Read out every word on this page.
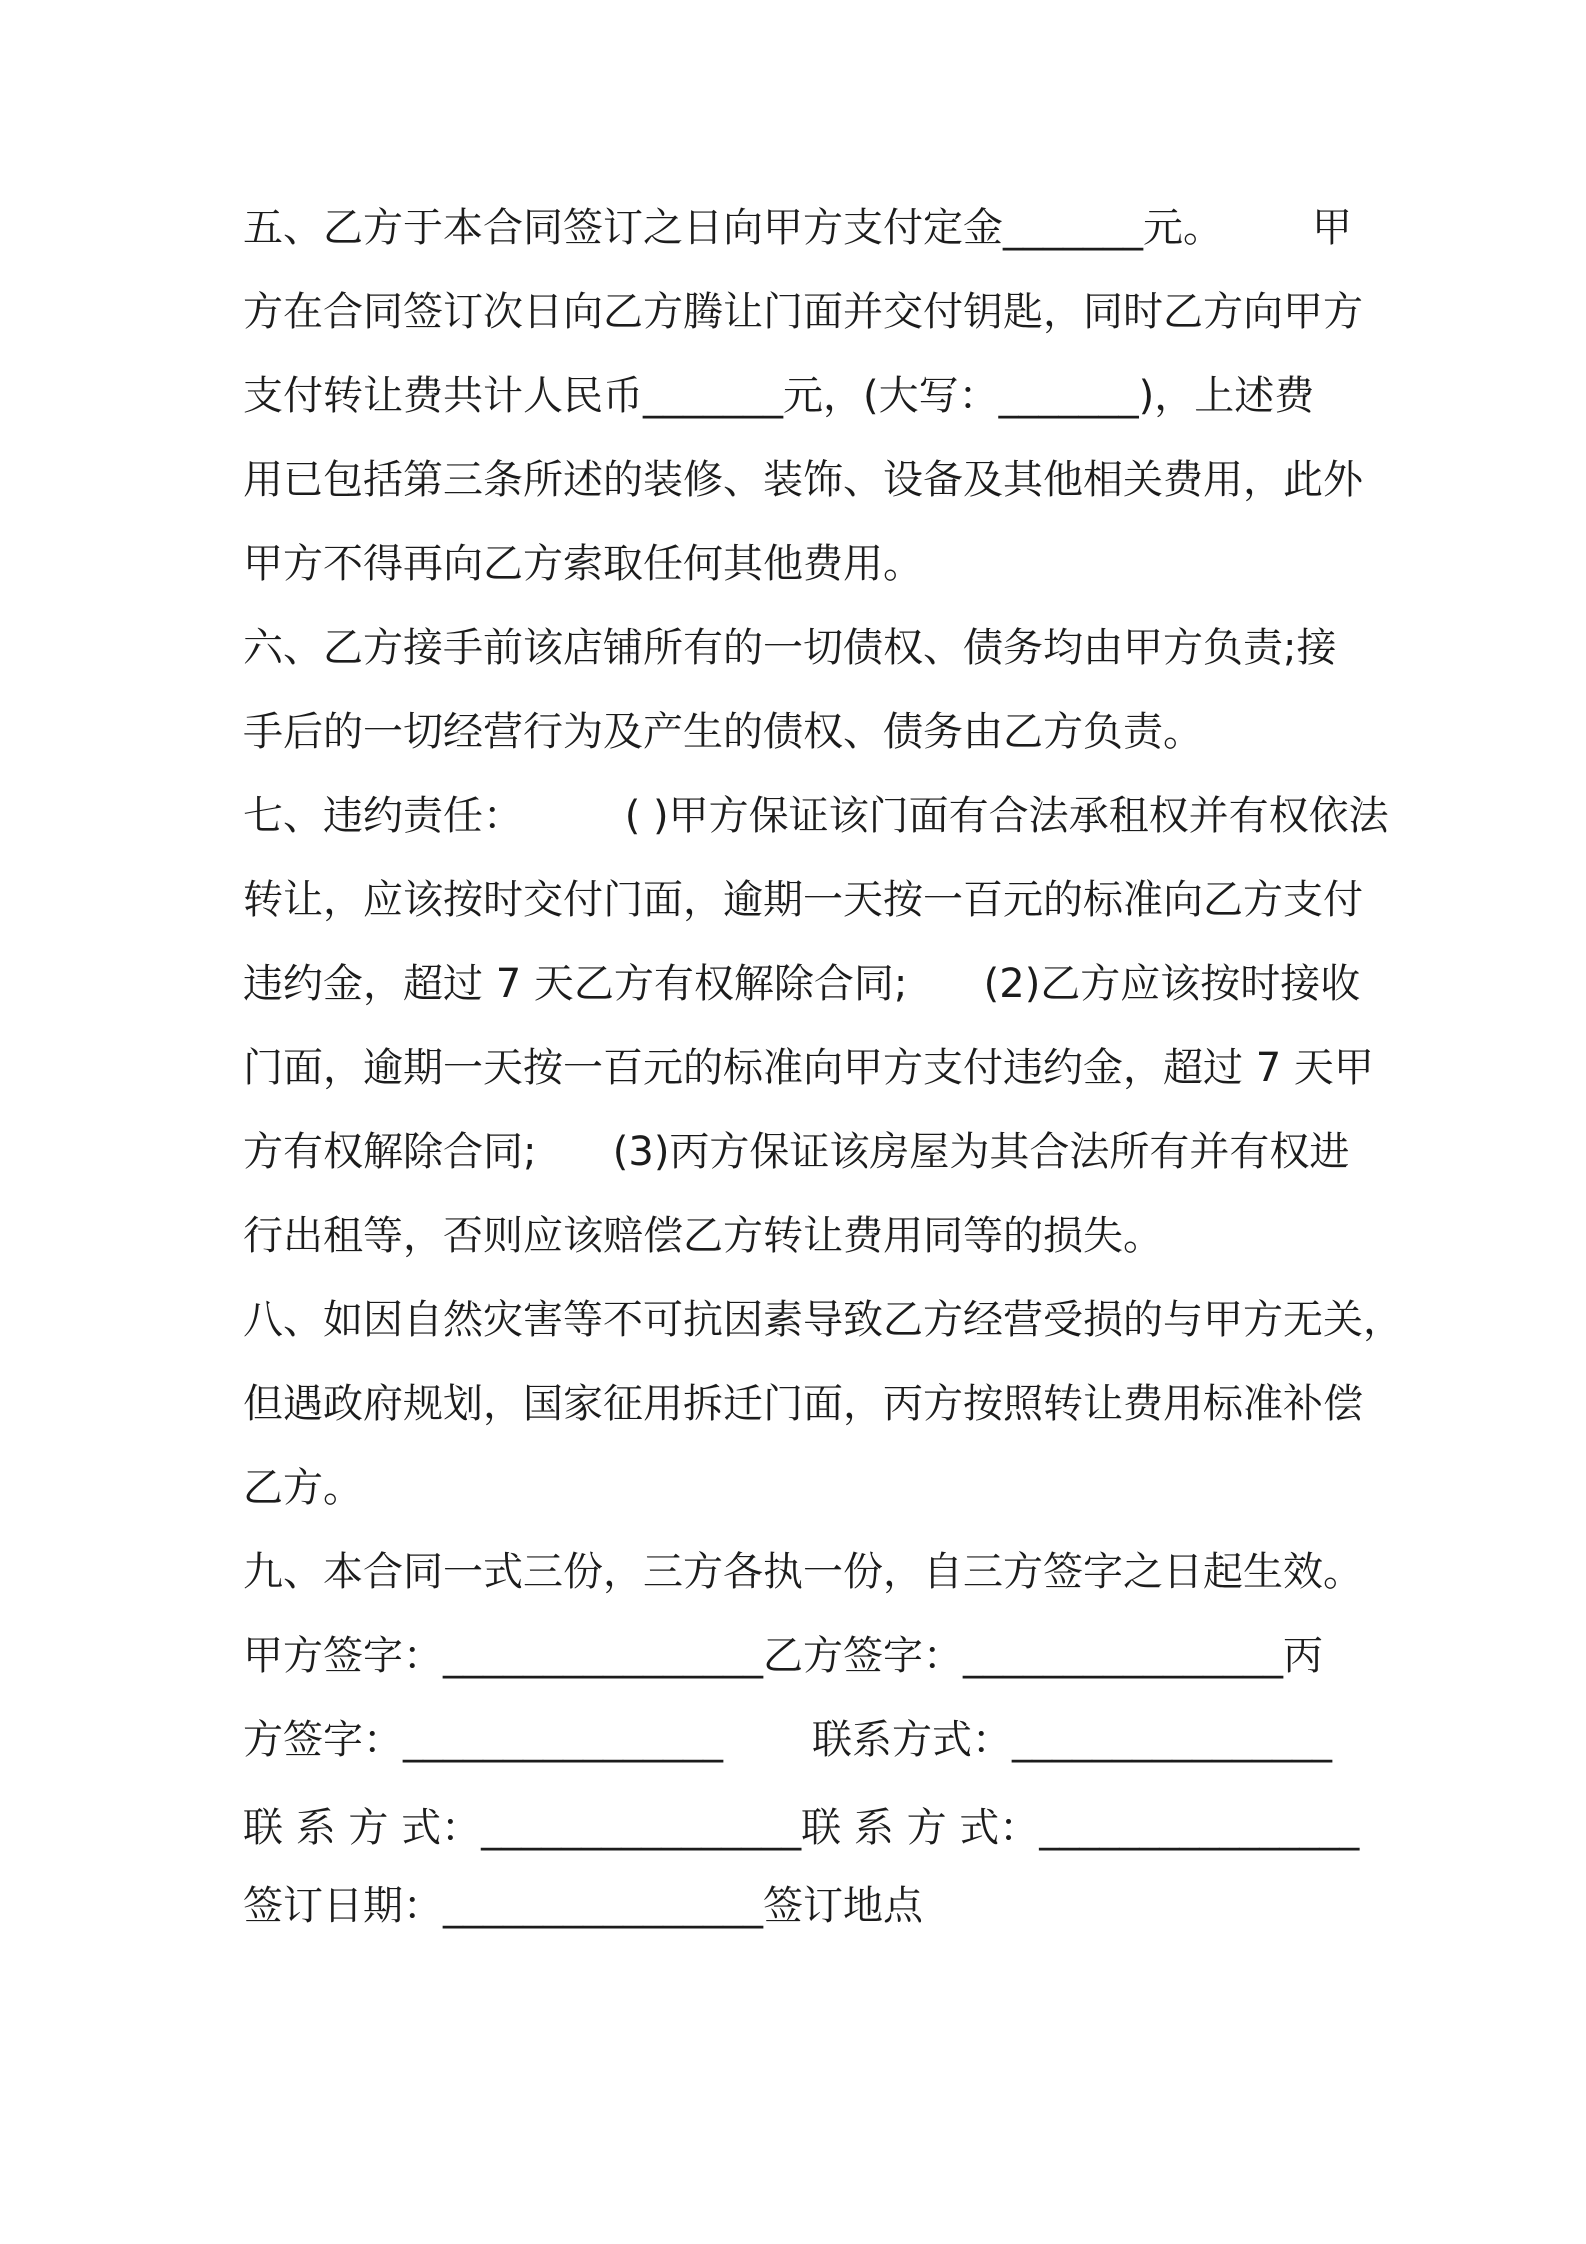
五、乙方于本合同签订之日向甲方支付定金_______元。       甲
方在合同签订次日向乙方腾让门面并交付钥匙，同时乙方向甲方
支付转让费共计人民币_______元，(大写：_______)，上述费
用已包括第三条所述的装修、装饰、设备及其他相关费用，此外
甲方不得再向乙方索取任何其他费用。
六、乙方接手前该店铺所有的一切债权、债务均由甲方负责;接
手后的一切经营行为及产生的债权、债务由乙方负责。
七、违约责任：        ( )甲方保证该门面有合法承租权并有权依法
转让，应该按时交付门面，逾期一天按一百元的标准向乙方支付
违约金，超过 7 天乙方有权解除合同;      (2)乙方应该按时接收
门面，逾期一天按一百元的标准向甲方支付违约金，超过 7 天甲
方有权解除合同;      (3)丙方保证该房屋为其合法所有并有权进
行出租等，否则应该赔偿乙方转让费用同等的损失。
八、如因自然灾害等不可抗因素导致乙方经营受损的与甲方无关，
但遇政府规划，国家征用拆迁门面，丙方按照转让费用标准补偿
乙方。
九、本合同一式三份，三方各执一份，自三方签字之日起生效。
甲方签字：________________乙方签字：________________丙
方签字：________________       联系方式：________________
联 系 方 式：________________联 系 方 式：________________
签订日期：________________签订地点
